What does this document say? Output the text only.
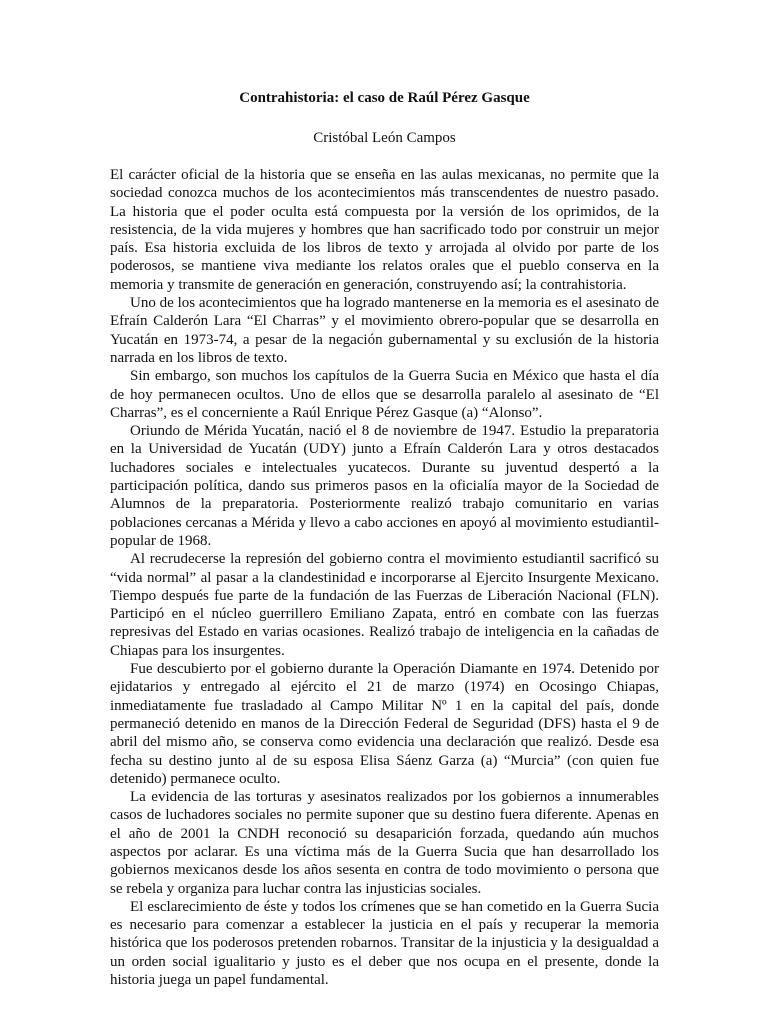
Contrahistoria: el caso de Raúl Pérez Gasque
Cristóbal León Campos

El carácter oficial de la historia que se enseña en las aulas mexicanas, no permite que la sociedad conozca muchos de los acontecimientos más transcendentes de nuestro pasado. La historia que el poder oculta está compuesta por la versión de los oprimidos, de la resistencia, de la vida mujeres y hombres que han sacrificado todo por construir un mejor país. Esa historia excluida de los libros de texto y arrojada al olvido por parte de los poderosos, se mantiene viva mediante los relatos orales que el pueblo conserva en la memoria y transmite de generación en generación, construyendo así; la contrahistoria.

Uno de los acontecimientos que ha logrado mantenerse en la memoria es el asesinato de Efraín Calderón Lara “El Charras” y el movimiento obrero-popular que se desarrolla en Yucatán en 1973-74, a pesar de la negación gubernamental y su exclusión de la historia narrada en los libros de texto.

Sin embargo, son muchos los capítulos de la Guerra Sucia en México que hasta el día de hoy permanecen ocultos. Uno de ellos que se desarrolla paralelo al asesinato de “El Charras”, es el concerniente a Raúl Enrique Pérez Gasque (a) “Alonso”.

Oriundo de Mérida Yucatán, nació el 8 de noviembre de 1947. Estudio la preparatoria en la Universidad de Yucatán (UDY) junto a Efraín Calderón Lara y otros destacados luchadores sociales e intelectuales yucatecos. Durante su juventud despertó a la participación política, dando sus primeros pasos en la oficialía mayor de la Sociedad de Alumnos de la preparatoria. Posteriormente realizó trabajo comunitario en varias poblaciones cercanas a Mérida y llevo a cabo acciones en apoyó al movimiento estudiantil-popular de 1968.

Al recrudecerse la represión del gobierno contra el movimiento estudiantil sacrificó su “vida normal” al pasar a la clandestinidad e incorporarse al Ejercito Insurgente Mexicano. Tiempo después fue parte de la fundación de las Fuerzas de Liberación Nacional (FLN). Participó en el núcleo guerrillero Emiliano Zapata, entró en combate con las fuerzas represivas del Estado en varias ocasiones. Realizó trabajo de inteligencia en la cañadas de Chiapas para los insurgentes.

Fue descubierto por el gobierno durante la Operación Diamante en 1974. Detenido por ejidatarios y entregado al ejército el 21 de marzo (1974) en Ocosingo Chiapas, inmediatamente fue trasladado al Campo Militar Nº 1 en la capital del país, donde permaneció detenido en manos de la Dirección Federal de Seguridad (DFS) hasta el 9 de abril del mismo año, se conserva como evidencia una declaración que realizó. Desde esa fecha su destino junto al de su esposa Elisa Sáenz Garza (a) “Murcia” (con quien fue detenido) permanece oculto.

La evidencia de las torturas y asesinatos realizados por los gobiernos a innumerables casos de luchadores sociales no permite suponer que su destino fuera diferente. Apenas en el año de 2001 la CNDH reconoció su desaparición forzada, quedando aún muchos aspectos por aclarar. Es una víctima más de la Guerra Sucia que han desarrollado los gobiernos mexicanos desde los años sesenta en contra de todo movimiento o persona que se rebela y organiza para luchar contra las injusticias sociales.

El esclarecimiento de éste y todos los crímenes que se han cometido en la Guerra Sucia es necesario para comenzar a establecer la justicia en el país y recuperar la memoria histórica que los poderosos pretenden robarnos. Transitar de la injusticia y la desigualdad a un orden social igualitario y justo es el deber que nos ocupa en el presente, donde la historia juega un papel fundamental.
